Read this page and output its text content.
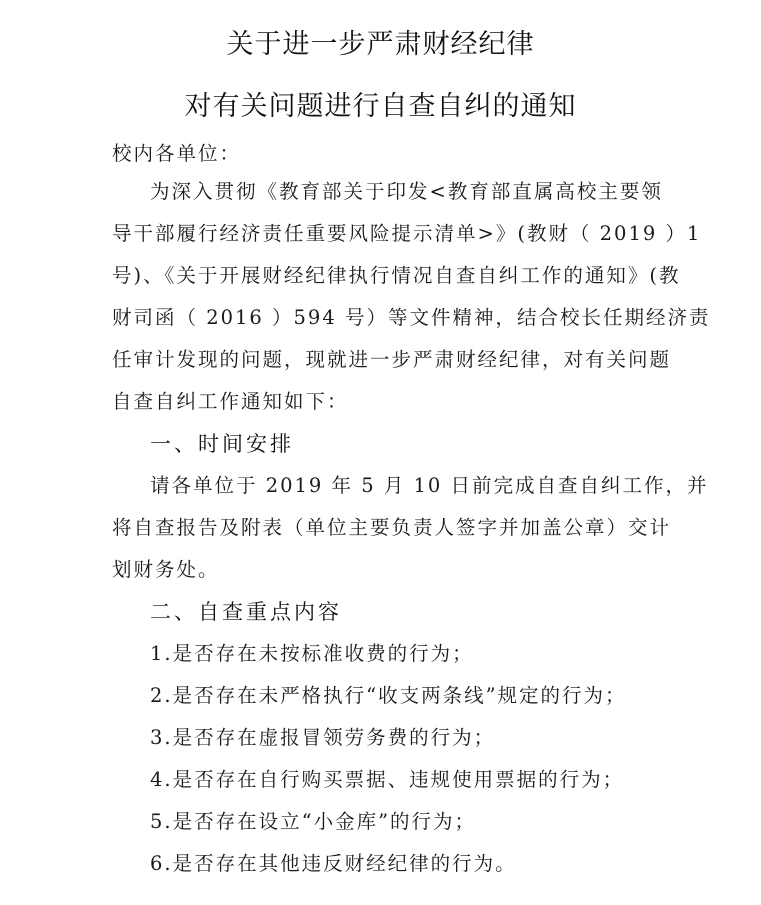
关于进一步严肃财经纪律
对有关问题进行自查自纠的通知
校内各单位：
为深入贯彻《教育部关于印发<教育部直属高校主要领
导干部履行经济责任重要风险提示清单>》(教财（ 2019 ）1
号)、《关于开展财经纪律执行情况自查自纠工作的通知》(教
财司函（ 2016 ）594 号）等文件精神，结合校长任期经济责
任审计发现的问题，现就进一步严肃财经纪律，对有关问题
自查自纠工作通知如下：
一、时间安排
请各单位于 2019 年 5 月 10 日前完成自查自纠工作，并
将自查报告及附表（单位主要负责人签字并加盖公章）交计
划财务处。
二、自查重点内容
1.是否存在未按标准收费的行为；
2.是否存在未严格执行“收支两条线”规定的行为；
3.是否存在虚报冒领劳务费的行为；
4.是否存在自行购买票据、违规使用票据的行为；
5.是否存在设立“小金库”的行为；
6.是否存在其他违反财经纪律的行为。
